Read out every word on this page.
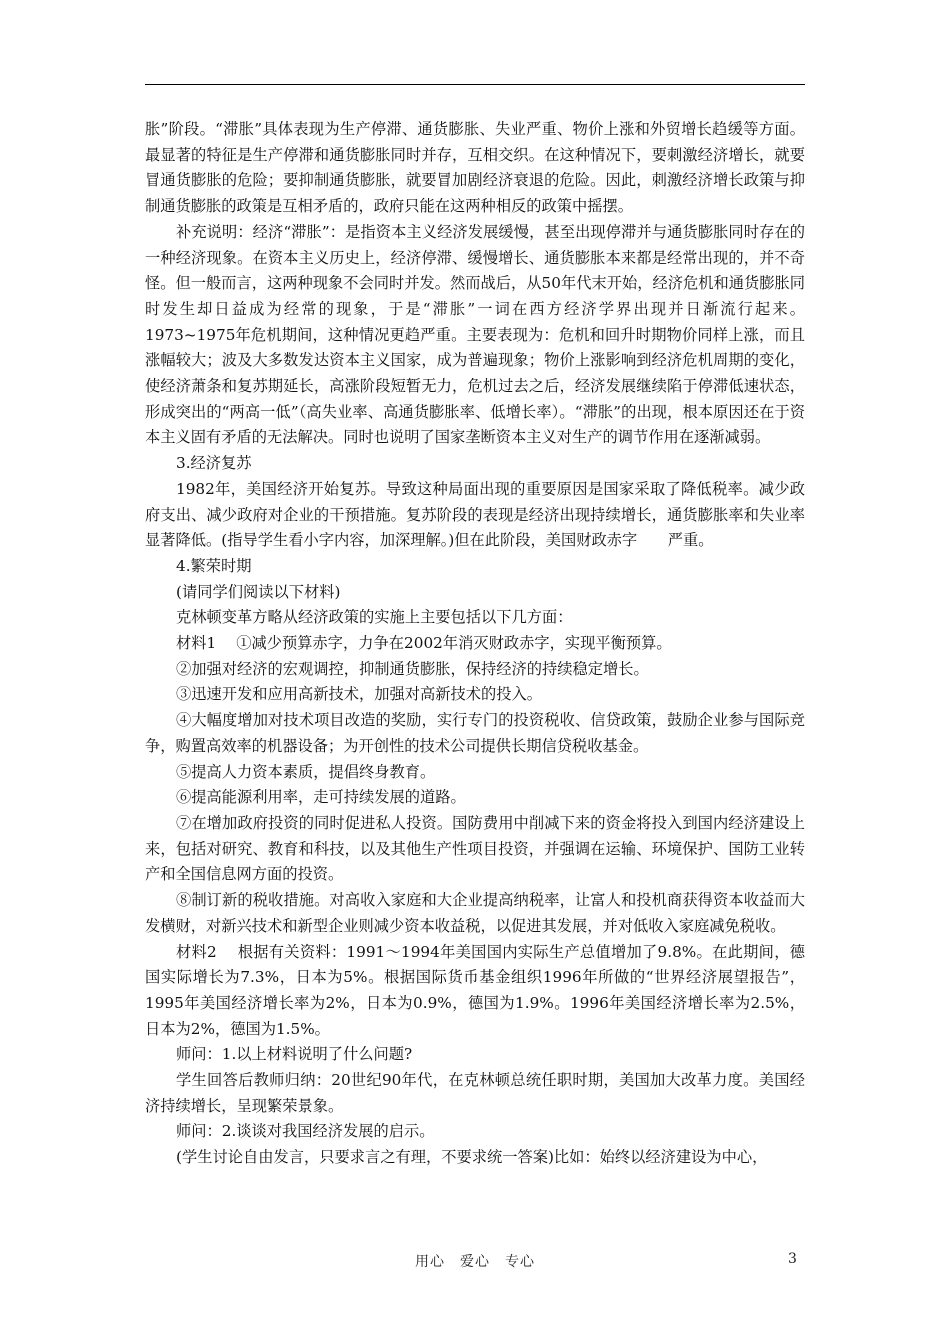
胀”阶段。“滞胀”具体表现为生产停滞、通货膨胀、失业严重、物价上涨和外贸增长趋缓等方面。最显著的特征是生产停滞和通货膨胀同时并存，互相交织。在这种情况下，要刺激经济增长，就要冒通货膨胀的危险；要抑制通货膨胀，就要冒加剧经济衰退的危险。因此，刺激经济增长政策与抑制通货膨胀的政策是互相矛盾的，政府只能在这两种相反的政策中摇摆。

补充说明：经济“滞胀”：是指资本主义经济发展缓慢，甚至出现停滞并与通货膨胀同时存在的一种经济现象。在资本主义历史上，经济停滞、缓慢增长、通货膨胀本来都是经常出现的，并不奇怪。但一般而言，这两种现象不会同时并发。然而战后，从50年代末开始，经济危机和通货膨胀同时发生却日益成为经常的现象，于是“滞胀”一词在西方经济学界出现并日渐流行起来。1973~1975年危机期间，这种情况更趋严重。主要表现为：危机和回升时期物价同样上涨，而且涨幅较大；波及大多数发达资本主义国家，成为普遍现象；物价上涨影响到经济危机周期的变化，使经济萧条和复苏期延长，高涨阶段短暂无力，危机过去之后，经济发展继续陷于停滞低速状态，形成突出的“两高一低”（高失业率、高通货膨胀率、低增长率）。“滞胀”的出现，根本原因还在于资本主义固有矛盾的无法解决。同时也说明了国家垄断资本主义对生产的调节作用在逐渐减弱。

3.经济复苏

1982年，美国经济开始复苏。导致这种局面出现的重要原因是国家采取了降低税率。减少政府支出、减少政府对企业的干预措施。复苏阶段的表现是经济出现持续增长，通货膨胀率和失业率显著降低。(指导学生看小字内容，加深理解。)但在此阶段，美国财政赤字　　严重。

4.繁荣时期

(请同学们阅读以下材料)

克林顿变革方略从经济政策的实施上主要包括以下几方面：

材料1　 ①减少预算赤字，力争在2002年消灭财政赤字，实现平衡预算。

②加强对经济的宏观调控，抑制通货膨胀，保持经济的持续稳定增长。

③迅速开发和应用高新技术，加强对高新技术的投入。

④大幅度增加对技术项目改造的奖励，实行专门的投资税收、信贷政策，鼓励企业参与国际竞争，购置高效率的机器设备；为开创性的技术公司提供长期信贷税收基金。

⑤提高人力资本素质，提倡终身教育。

⑥提高能源利用率，走可持续发展的道路。

⑦在增加政府投资的同时促进私人投资。国防费用中削减下来的资金将投入到国内经济建设上来，包括对研究、教育和科技，以及其他生产性项目投资，并强调在运输、环境保护、国防工业转产和全国信息网方面的投资。

⑧制订新的税收措施。对高收入家庭和大企业提高纳税率，让富人和投机商获得资本收益而大发横财，对新兴技术和新型企业则减少资本收益税，以促进其发展，并对低收入家庭减免税收。

材料2　 根据有关资料：1991～1994年美国国内实际生产总值增加了9.8%。在此期间，德国实际增长为7.3%，日本为5%。根据国际货币基金组织1996年所做的“世界经济展望报告”，1995年美国经济增长率为2%，日本为0.9%，德国为1.9%。1996年美国经济增长率为2.5%，日本为2%，德国为1.5%。

师问：1.以上材料说明了什么问题?

学生回答后教师归纳：20世纪90年代，在克林顿总统任职时期，美国加大改革力度。美国经济持续增长，呈现繁荣景象。

师问：2.谈谈对我国经济发展的启示。

(学生讨论自由发言，只要求言之有理，不要求统一答案)比如：始终以经济建设为中心，

用心　爱心　专心	3
